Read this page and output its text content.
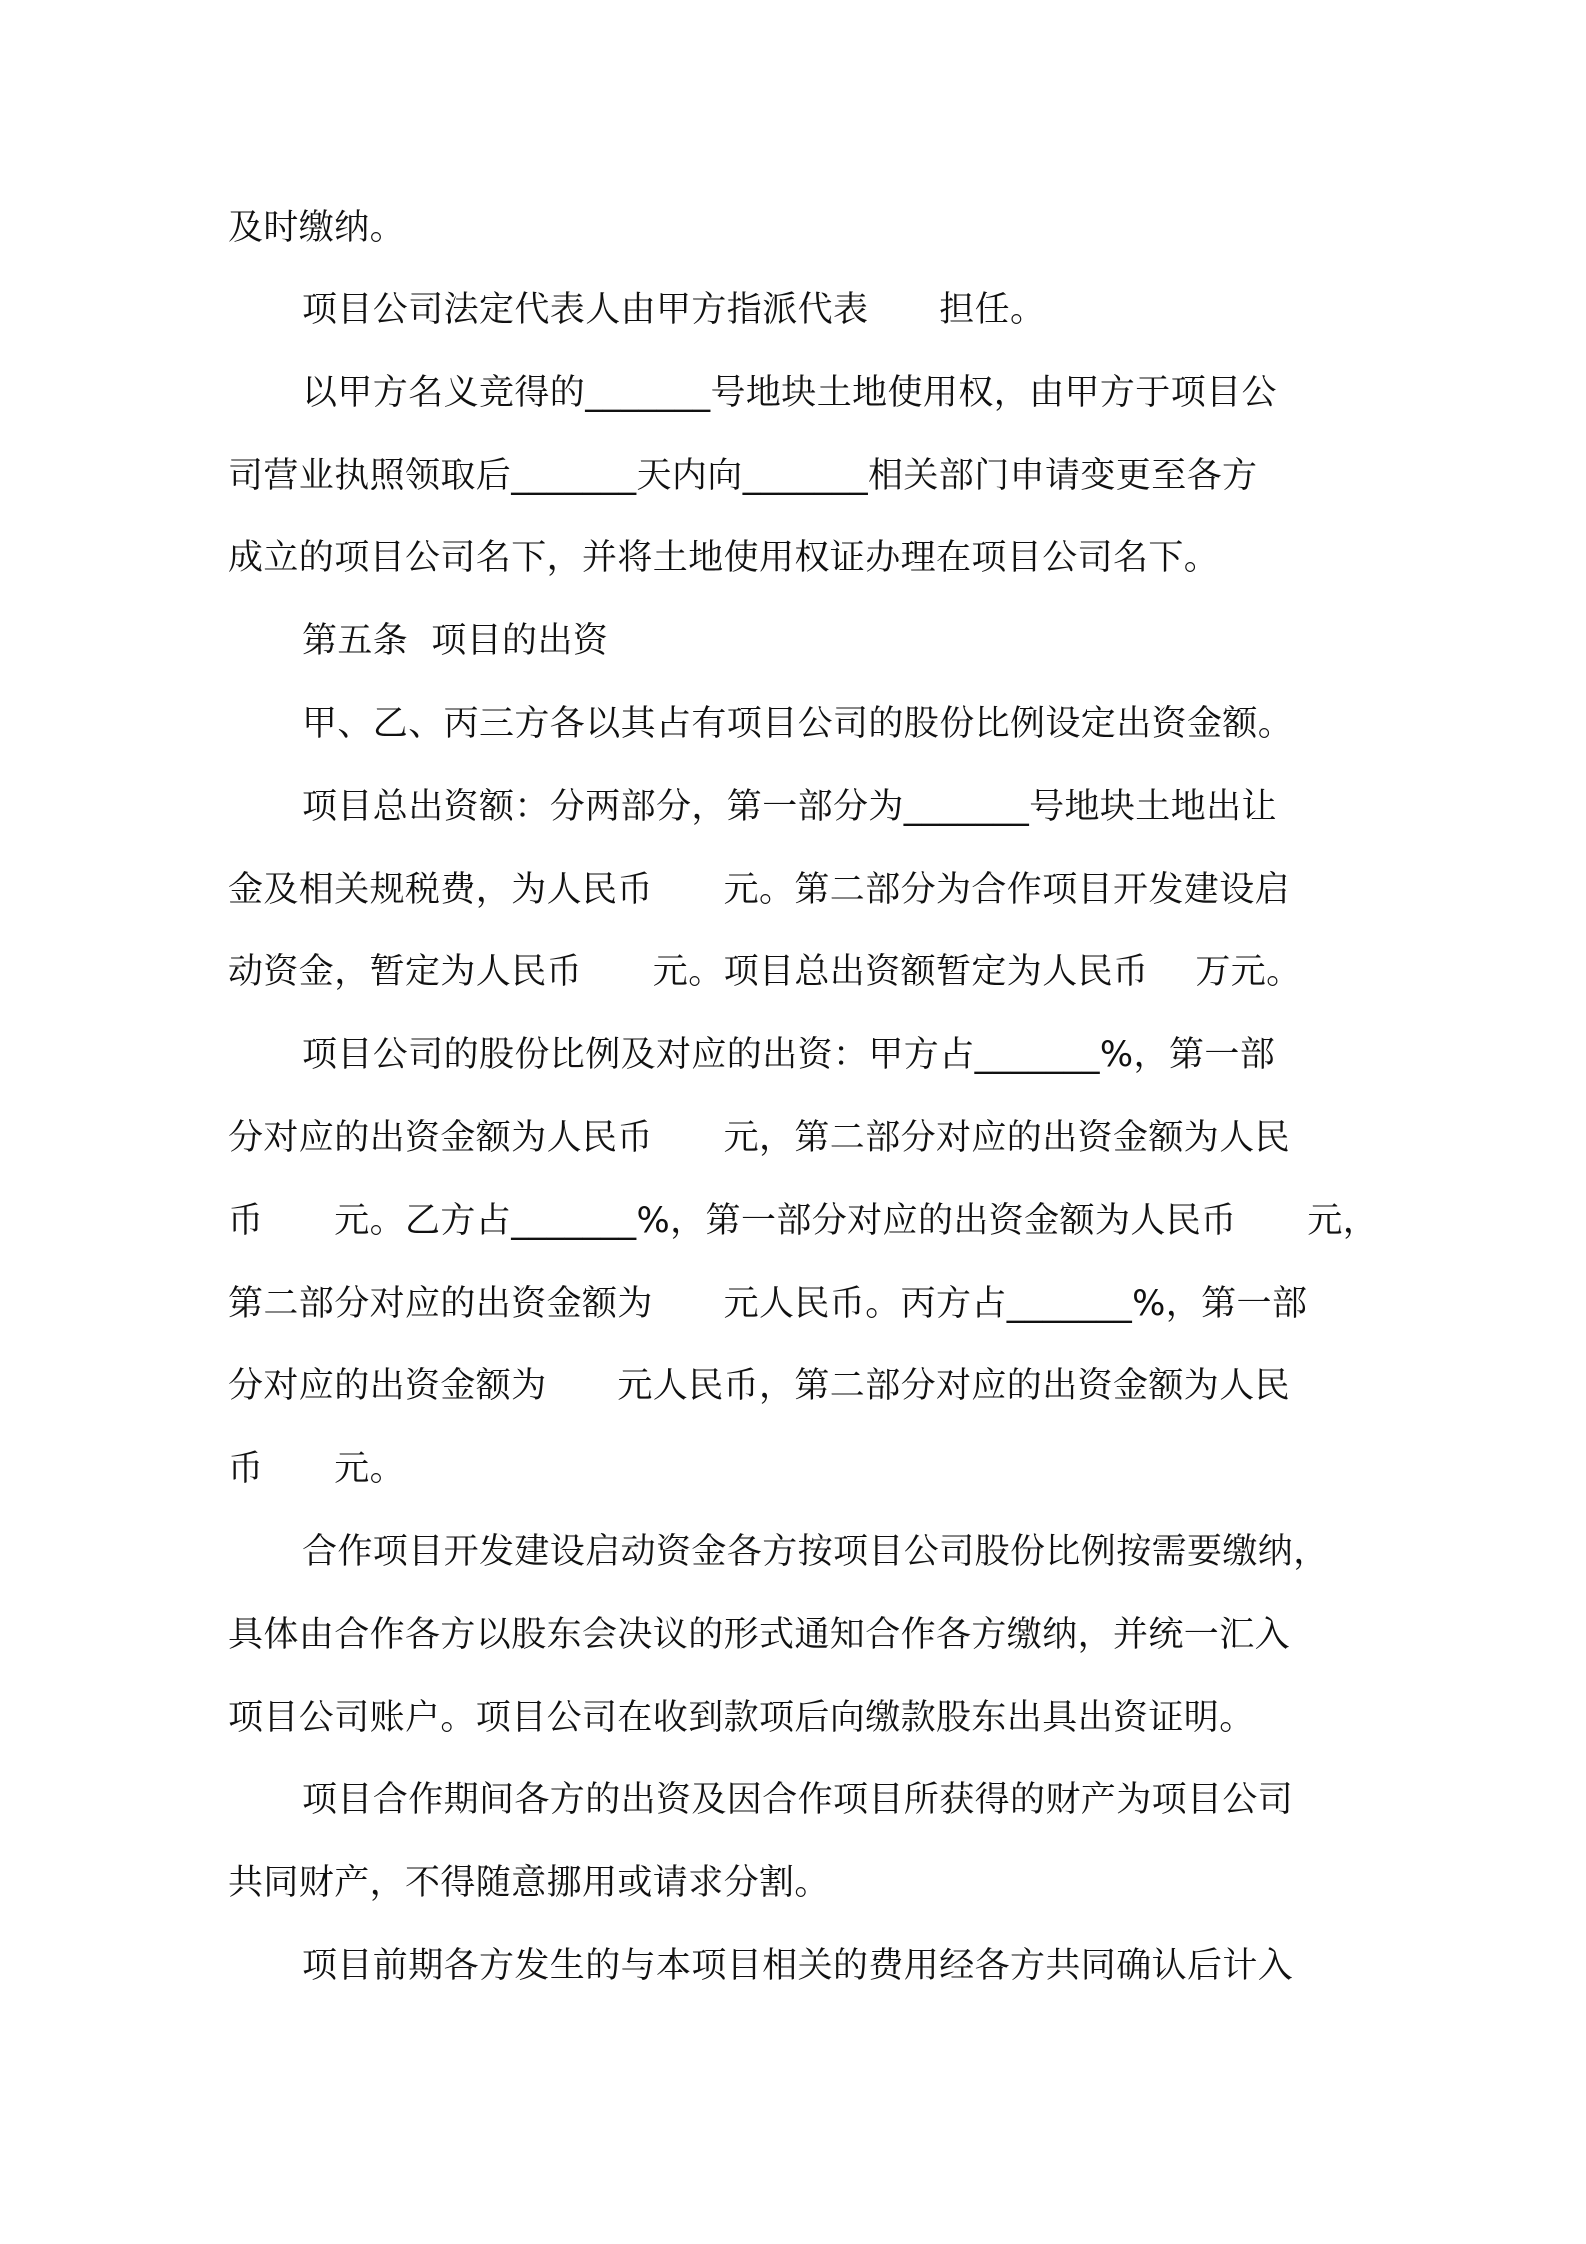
及时缴纳。
项目公司法定代表人由甲方指派代表　　担任。
以甲方名义竞得的_______号地块土地使用权，由甲方于项目公
司营业执照领取后_______天内向_______相关部门申请变更至各方
成立的项目公司名下，并将土地使用权证办理在项目公司名下。
第五条  项目的出资
甲、乙、丙三方各以其占有项目公司的股份比例设定出资金额。
项目总出资额：分两部分，第一部分为_______号地块土地出让
金及相关规税费，为人民币　　元。第二部分为合作项目开发建设启
动资金，暂定为人民币　　元。项目总出资额暂定为人民币　 万元。
项目公司的股份比例及对应的出资：甲方占_______%，第一部
分对应的出资金额为人民币　　元，第二部分对应的出资金额为人民
币　　元。乙方占_______%，第一部分对应的出资金额为人民币　　元，
第二部分对应的出资金额为　　元人民币。丙方占_______%，第一部
分对应的出资金额为　　元人民币，第二部分对应的出资金额为人民
币　　元。
合作项目开发建设启动资金各方按项目公司股份比例按需要缴纳，
具体由合作各方以股东会决议的形式通知合作各方缴纳，并统一汇入
项目公司账户。项目公司在收到款项后向缴款股东出具出资证明。
项目合作期间各方的出资及因合作项目所获得的财产为项目公司
共同财产，不得随意挪用或请求分割。
项目前期各方发生的与本项目相关的费用经各方共同确认后计入
